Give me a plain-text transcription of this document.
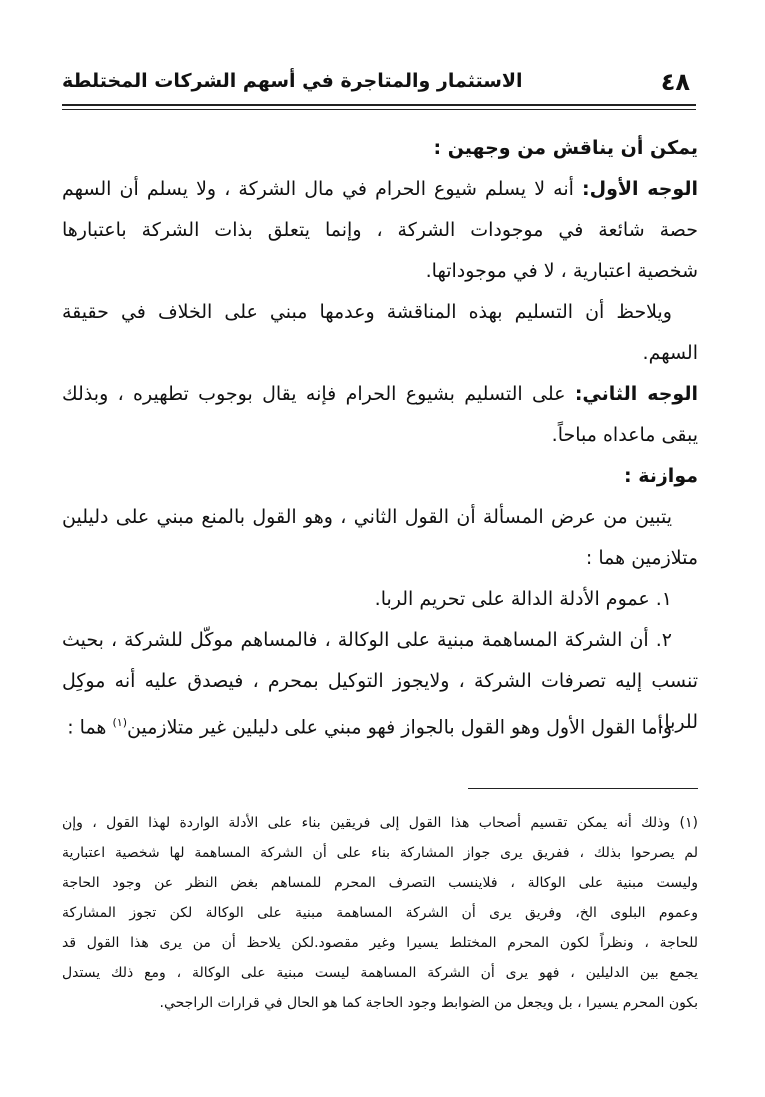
٤٨
الاستثمار والمتاجرة في أسهم الشركات المختلطة
يمكن أن يناقش من وجهين :
الوجه الأول: أنه لا يسلم شيوع الحرام في مال الشركة ، ولا يسلم أن السهم
حصة شائعة في موجودات الشركة ، وإنما يتعلق بذات الشركة باعتبارها
شخصية اعتبارية ، لا في موجوداتها.
ويلاحظ أن التسليم بهذه المناقشة وعدمها مبني على الخلاف في حقيقة
السهم.
الوجه الثاني: على التسليم بشيوع الحرام فإنه يقال بوجوب تطهيره ، وبذلك
يبقى ماعداه مباحاً.
موازنة :
يتبين من عرض المسألة أن القول الثاني ، وهو القول بالمنع مبني على دليلين
متلازمين هما :
١. عموم الأدلة الدالة على تحريم الربا.
٢. أن الشركة المساهمة مبنية على الوكالة ، فالمساهم موكّل للشركة ، بحيث
تنسب إليه تصرفات الشركة ، ولايجوز التوكيل بمحرم ، فيصدق عليه أنه موكِل للربا.
وأما القول الأول وهو القول بالجواز فهو مبني على دليلين غير متلازمين$^{(١)}$ هما :
(١) وذلك أنه يمكن تقسيم أصحاب هذا القول إلى فريقين بناء على الأدلة الواردة لهذا القول ، وإن
لم يصرحوا بذلك ، ففريق يرى جواز المشاركة بناء على أن الشركة المساهمة لها شخصية اعتبارية
وليست مبنية على الوكالة ، فلاينسب التصرف المحرم للمساهم بغض النظر عن وجود الحاجة
وعموم البلوى الخ، وفريق يرى أن الشركة المساهمة مبنية على الوكالة لكن تجوز المشاركة
للحاجة ، ونظراً لكون المحرم المختلط يسيرا وغير مقصود.لكن يلاحظ أن من يرى هذا القول قد
يجمع بين الدليلين ، فهو يرى أن الشركة المساهمة ليست مبنية على الوكالة ، ومع ذلك يستدل
بكون المحرم يسيرا ، بل ويجعل من الضوابط وجود الحاجة كما هو الحال في قرارات الراجحي.
